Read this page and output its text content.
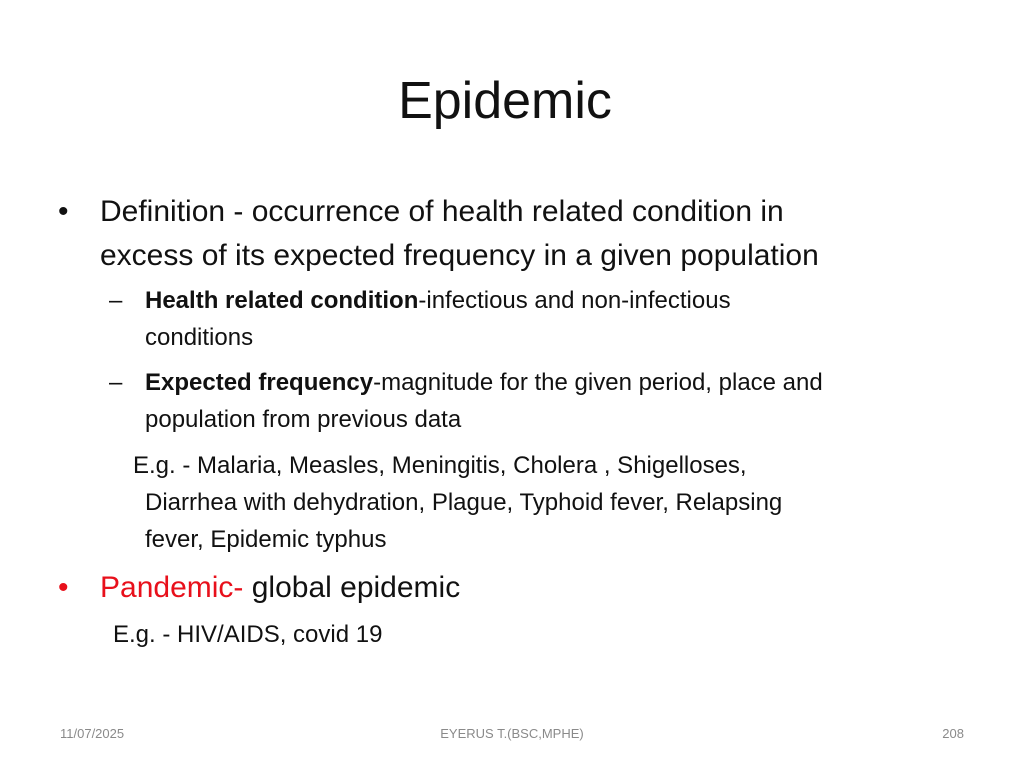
Epidemic
• Definition - occurrence of health related condition in
excess of its expected frequency in a given population
– Health related condition-infectious and non-infectious
conditions
– Expected frequency-magnitude for the given period, place and
population from previous data
E.g. - Malaria, Measles, Meningitis, Cholera , Shigelloses,
Diarrhea with dehydration, Plague, Typhoid fever, Relapsing
fever, Epidemic typhus
• Pandemic- global epidemic
E.g. - HIV/AIDS, covid 19
11/07/2025	EYERUS T.(BSC,MPHE)	208
